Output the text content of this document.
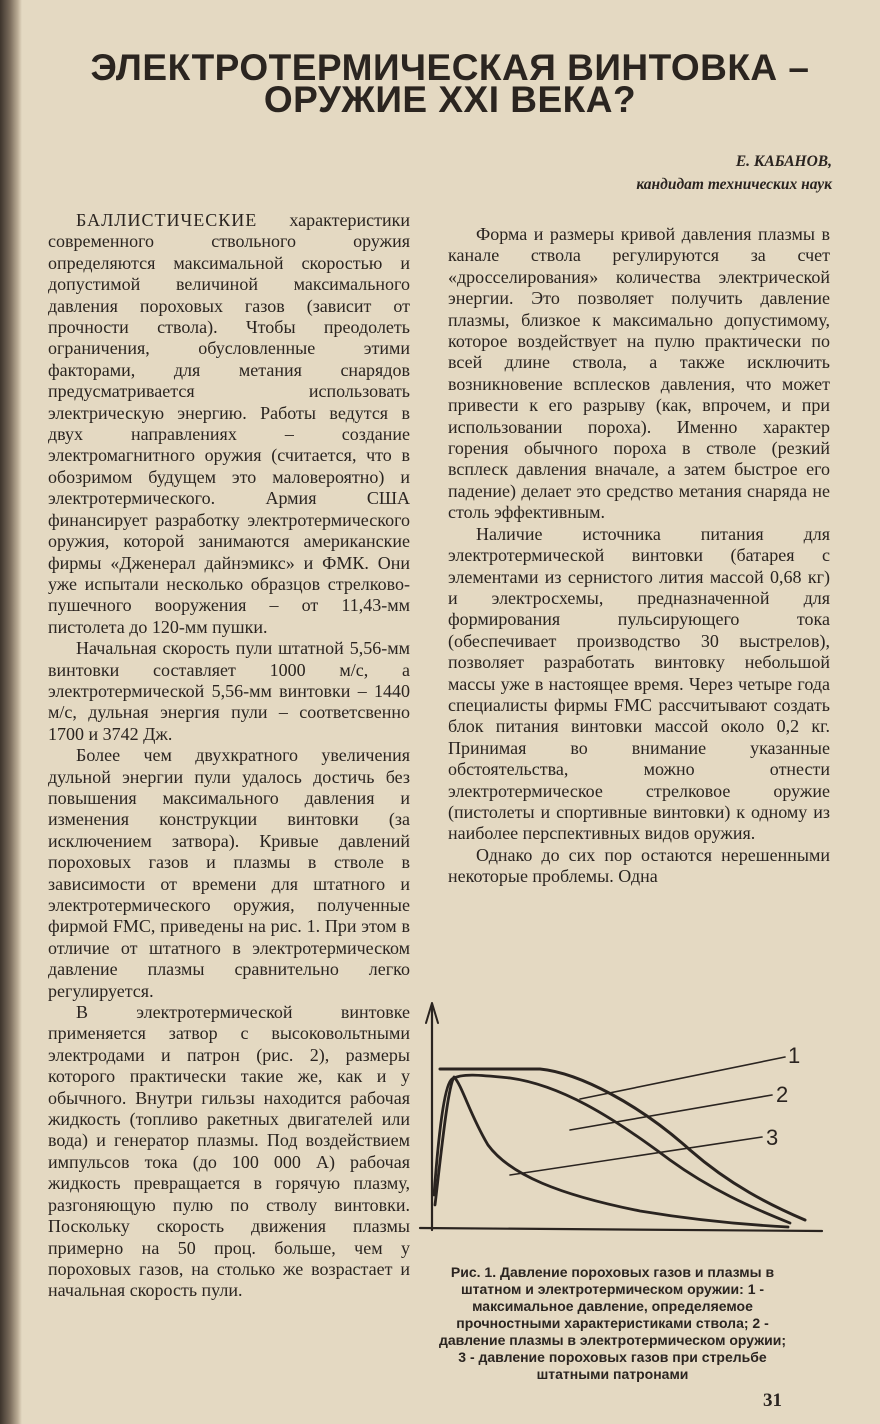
ЭЛЕКТРОТЕРМИЧЕСКАЯ ВИНТОВКА –
ОРУЖИЕ XXI ВЕКА?
Е. КАБАНОВ,
кандидат технических наук

БАЛЛИСТИЧЕСКИЕ характеристики современного ствольного оружия определяются максимальной скоростью и допустимой величиной максимального давления пороховых газов (зависит от прочности ствола). Чтобы преодолеть ограничения, обусловленные этими факторами, для метания снарядов предусматривается использовать электрическую энергию. Работы ведутся в двух направлениях – создание электромагнитного оружия (считается, что в обозримом будущем это маловероятно) и электротермического. Армия США финансирует разработку электротермического оружия, которой занимаются американские фирмы «Дженерал дайнэмикс» и ФМК. Они уже испытали несколько образцов стрелково-пушечного вооружения – от 11,43-мм пистолета до 120-мм пушки.

Начальная скорость пули штатной 5,56-мм винтовки составляет 1000 м/с, а электротермической 5,56-мм винтовки – 1440 м/с, дульная энергия пули – соответсвенно 1700 и 3742 Дж.

Более чем двухкратного увеличения дульной энергии пули удалось достичь без повышения максимального давления и изменения конструкции винтовки (за исключением затвора). Кривые давлений пороховых газов и плазмы в стволе в зависимости от времени для штатного и электротермического оружия, полученные фирмой FMC, приведены на рис. 1. При этом в отличие от штатного в электротермическом давление плазмы сравнительно легко регулируется.

В электротермической винтовке применяется затвор с высоковольтными электродами и патрон (рис. 2), размеры которого практически такие же, как и у обычного. Внутри гильзы находится рабочая жидкость (топливо ракетных двигателей или вода) и генератор плазмы. Под воздействием импульсов тока (до 100 000 А) рабочая жидкость превращается в горячую плазму, разгоняющую пулю по стволу винтовки. Поскольку скорость движения плазмы примерно на 50 проц. больше, чем у пороховых газов, на столько же возрастает и начальная скорость пули.

Форма и размеры кривой давления плазмы в канале ствола регулируются за счет «дросселирования» количества электрической энергии. Это позволяет получить давление плазмы, близкое к максимально допустимому, которое воздействует на пулю практически по всей длине ствола, а также исключить возникновение всплесков давления, что может привести к его разрыву (как, впрочем, и при использовании пороха). Именно характер горения обычного пороха в стволе (резкий всплеск давления вначале, а затем быстрое его падение) делает это средство метания снаряда не столь эффективным.

Наличие источника питания для электротермической винтовки (батарея с элементами из сернистого лития массой 0,68 кг) и электросхемы, предназначенной для формирования пульсирующего тока (обеспечивает производство 30 выстрелов), позволяет разработать винтовку небольшой массы уже в настоящее время. Через четыре года специалисты фирмы FMC рассчитывают создать блок питания винтовки массой около 0,2 кг. Принимая во внимание указанные обстоятельства, можно отнести электротермическое стрелковое оружие (пистолеты и спортивные винтовки) к одному из наиболее перспективных видов оружия.

Однако до сих пор остаются нерешенными некоторые проблемы. Одна

1
2
3
Рис. 1. Давление пороховых газов и плазмы в штатном и электротермическом оружии: 1 - максимальное давление, определяемое прочностными характеристиками ствола; 2 - давление плазмы в электротермическом оружии; 3 - давление пороховых газов при стрельбе штатными патронами
31
